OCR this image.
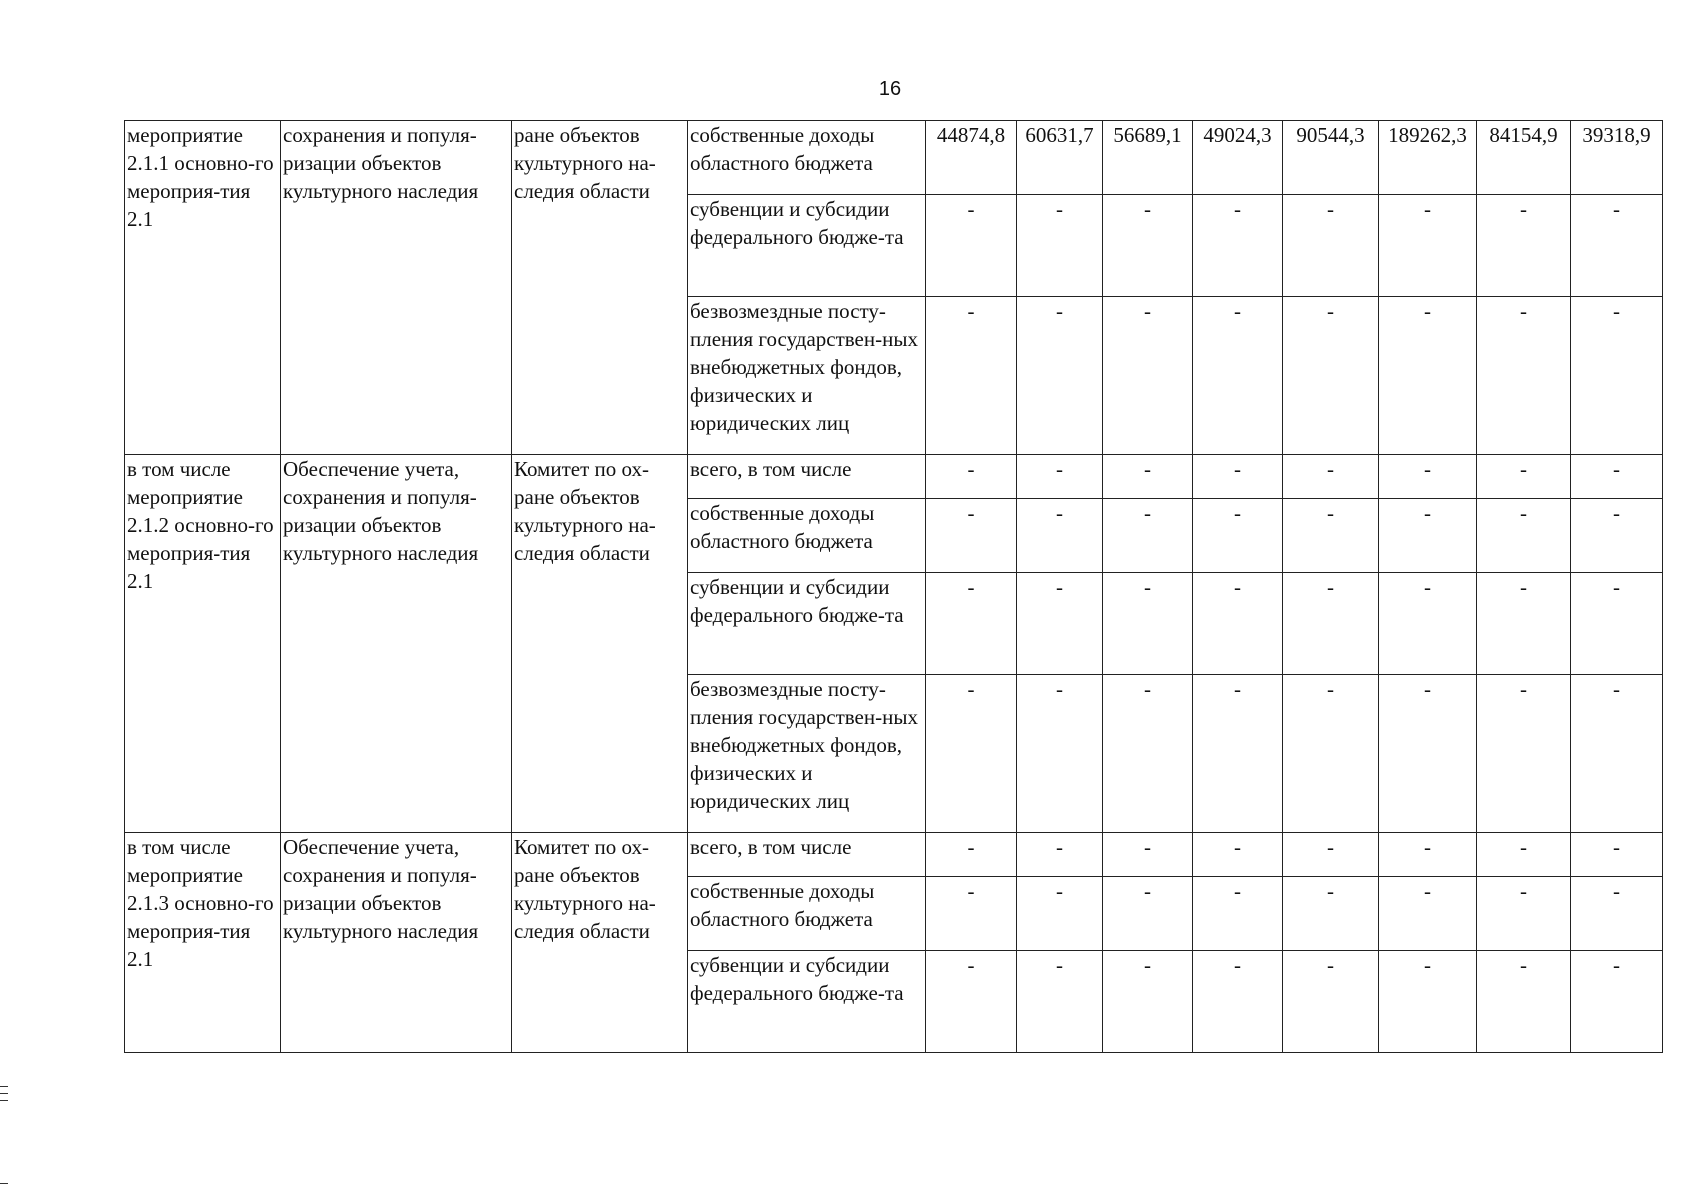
16
мероприятие 2.1.1 основно-го мероприя-тия 2.1	сохранения и популя-ризации объектов культурного наследия	ране объектов культурного на-следия области	собственные доходы областного бюджета	44874,8	60631,7	56689,1	49024,3	90544,3	189262,3	84154,9	39318,9
			субвенции и субсидии федерального бюдже-та	-	-	-	-	-	-	-	-
			безвозмездные посту-пления государствен-ных внебюджетных фондов, физических и юридических лиц	-	-	-	-	-	-	-	-
в том числе мероприятие 2.1.2 основно-го мероприя-тия 2.1	Обеспечение учета, сохранения и популя-ризации объектов культурного наследия	Комитет по ох-ране объектов культурного на-следия области	всего, в том числе	-	-	-	-	-	-	-	-
			собственные доходы областного бюджета	-	-	-	-	-	-	-	-
			субвенции и субсидии федерального бюдже-та	-	-	-	-	-	-	-	-
			безвозмездные посту-пления государствен-ных внебюджетных фондов, физических и юридических лиц	-	-	-	-	-	-	-	-
в том числе мероприятие 2.1.3 основно-го мероприя-тия 2.1	Обеспечение учета, сохранения и популя-ризации объектов культурного наследия	Комитет по ох-ране объектов культурного на-следия области	всего, в том числе	-	-	-	-	-	-	-	-
			собственные доходы областного бюджета	-	-	-	-	-	-	-	-
			субвенции и субсидии федерального бюдже-та	-	-	-	-	-	-	-	-
